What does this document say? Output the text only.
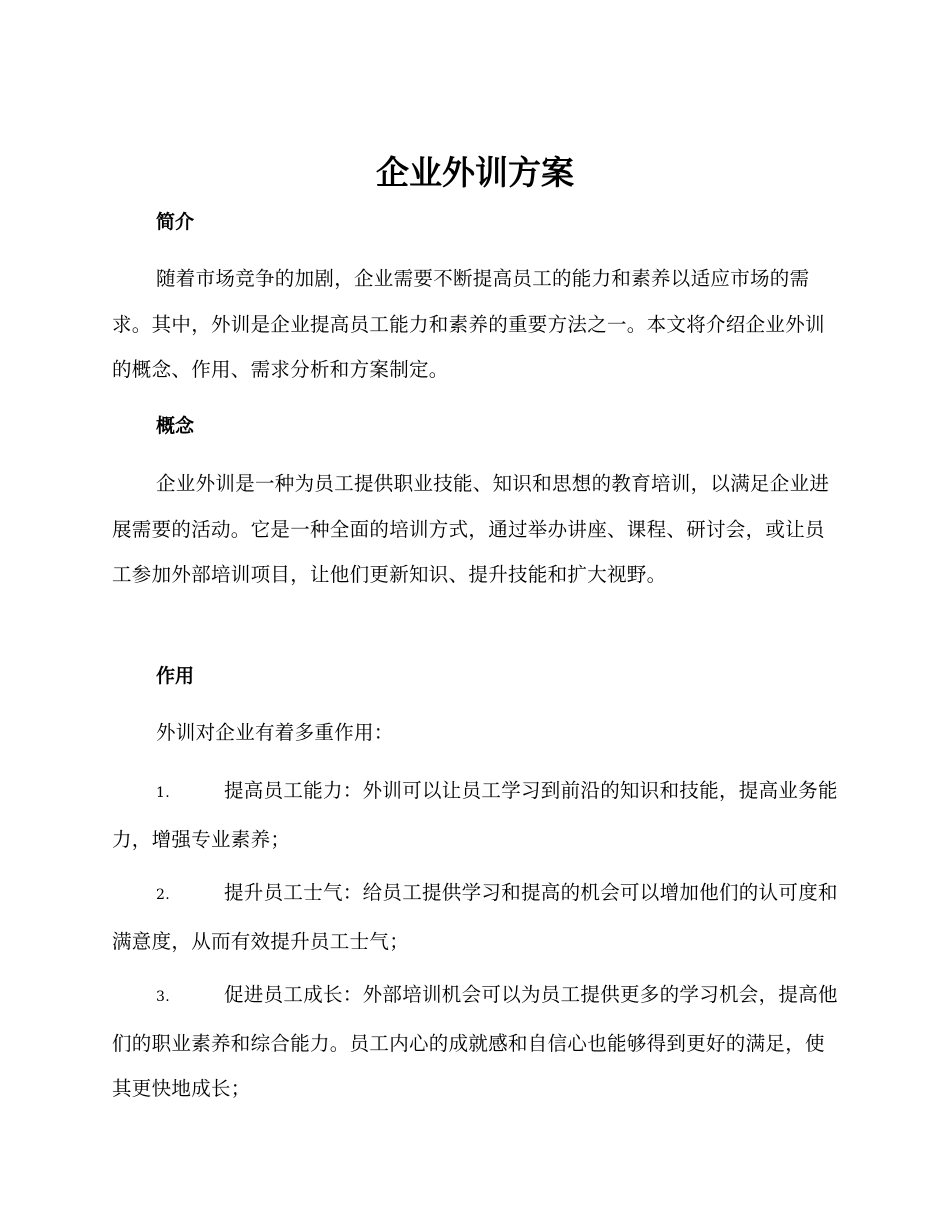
企业外训方案
简介

随着市场竞争的加剧，企业需要不断提高员工的能力和素养以适应市场的需求。其中，外训是企业提高员工能力和素养的重要方法之一。本文将介绍企业外训的概念、作用、需求分析和方案制定。

概念

企业外训是一种为员工提供职业技能、知识和思想的教育培训，以满足企业进展需要的活动。它是一种全面的培训方式，通过举办讲座、课程、研讨会，或让员工参加外部培训项目，让他们更新知识、提升技能和扩大视野。

作用

外训对企业有着多重作用：

1.	提高员工能力：外训可以让员工学习到前沿的知识和技能，提高业务能力，增强专业素养；

2.	提升员工士气：给员工提供学习和提高的机会可以增加他们的认可度和满意度，从而有效提升员工士气；

3.	促进员工成长：外部培训机会可以为员工提供更多的学习机会，提高他们的职业素养和综合能力。员工内心的成就感和自信心也能够得到更好的满足，使其更快地成长；
